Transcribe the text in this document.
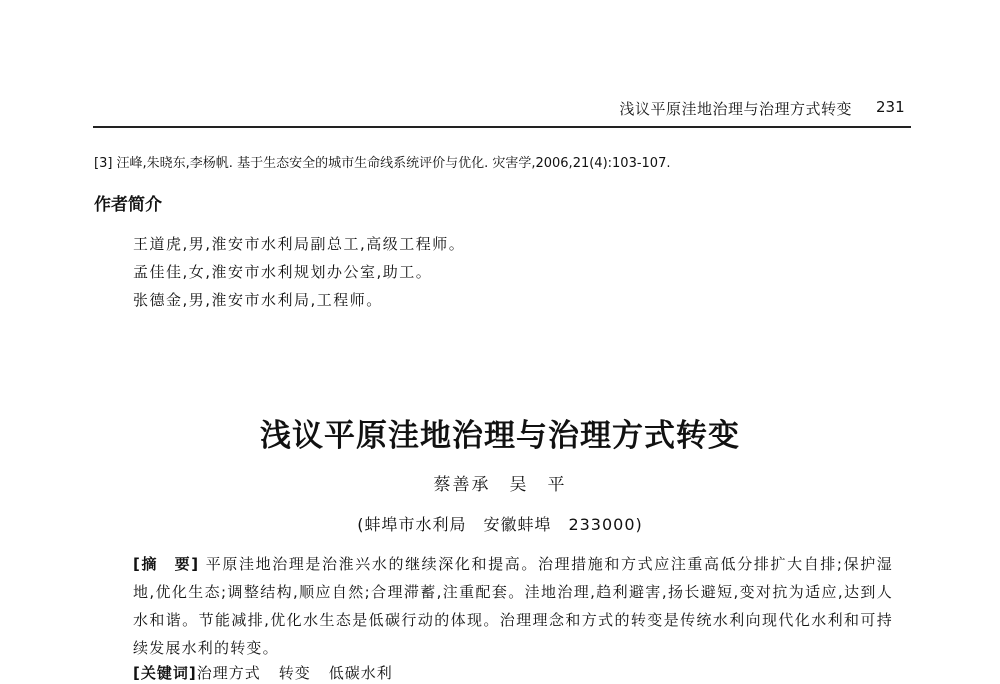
浅议平原洼地治理与治理方式转变 231
[3] 汪峰,朱晓东,李杨帆. 基于生态安全的城市生命线系统评价与优化. 灾害学,2006,21(4):103-107.
作者简介
王道虎,男,淮安市水利局副总工,高级工程师。
孟佳佳,女,淮安市水利规划办公室,助工。
张德金,男,淮安市水利局,工程师。
浅议平原洼地治理与治理方式转变
蔡善承　吴　平
(蚌埠市水利局　安徽蚌埠　233000)
[摘　要] 平原洼地治理是治淮兴水的继续深化和提高。治理措施和方式应注重高低分排扩大自排;保护湿地,优化生态;调整结构,顺应自然;合理滞蓄,注重配套。洼地治理,趋利避害,扬长避短,变对抗为适应,达到人水和谐。节能减排,优化水生态是低碳行动的体现。治理理念和方式的转变是传统水利向现代化水利和可持续发展水利的转变。
[关键词]治理方式 转变 低碳水利
